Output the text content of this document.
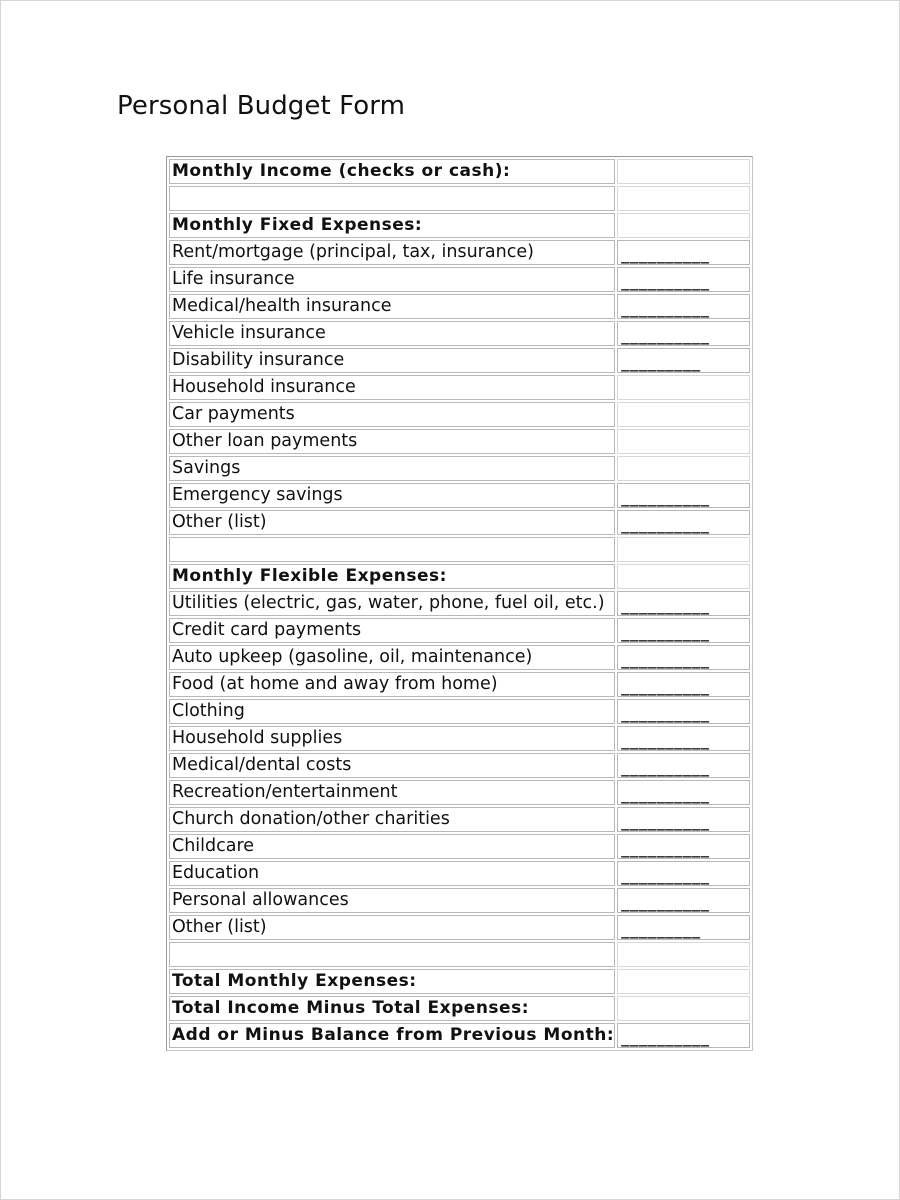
Personal Budget Form
Monthly Income (checks or cash):	

Monthly Fixed Expenses:	
Rent/mortgage (principal, tax, insurance)	__________
Life insurance	__________
Medical/health insurance	__________
Vehicle insurance	__________
Disability insurance	_________
Household insurance	
Car payments	
Other loan payments	
Savings	
Emergency savings	__________
Other (list)	__________

Monthly Flexible Expenses:	
Utilities (electric, gas, water, phone, fuel oil, etc.)	__________
Credit card payments	__________
Auto upkeep (gasoline, oil, maintenance)	__________
Food (at home and away from home)	__________
Clothing	__________
Household supplies	__________
Medical/dental costs	__________
Recreation/entertainment	__________
Church donation/other charities	__________
Childcare	__________
Education	__________
Personal allowances	__________
Other (list)	_________

Total Monthly Expenses:	
Total Income Minus Total Expenses:	
Add or Minus Balance from Previous Month:	__________
